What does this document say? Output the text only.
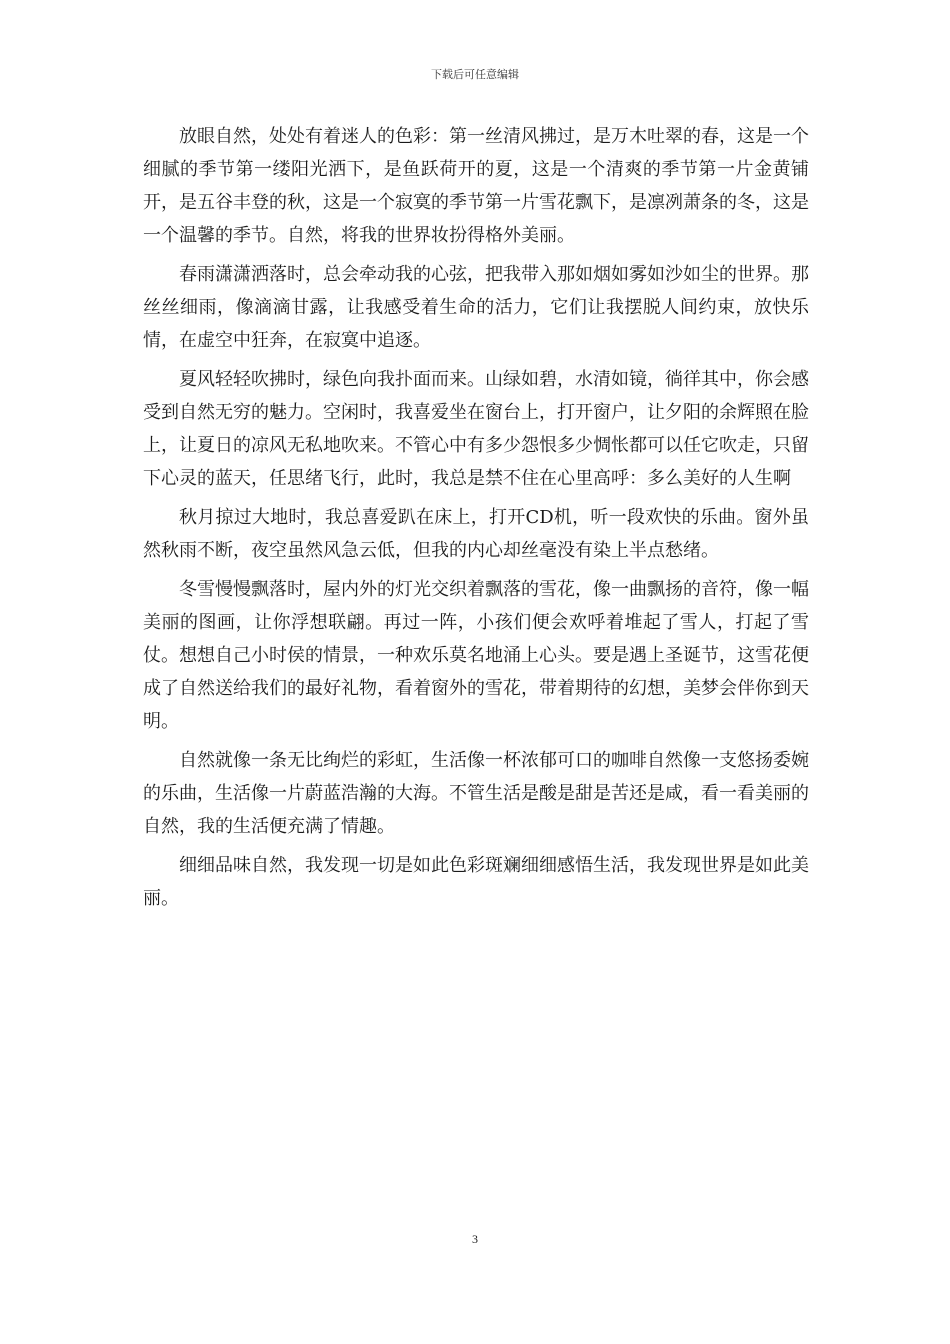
下载后可任意编辑

放眼自然，处处有着迷人的色彩：第一丝清风拂过，是万木吐翠的春，这是一个细腻的季节第一缕阳光洒下，是鱼跃荷开的夏，这是一个清爽的季节第一片金黄铺开，是五谷丰登的秋，这是一个寂寞的季节第一片雪花飘下，是凛冽萧条的冬，这是一个温馨的季节。自然，将我的世界妆扮得格外美丽。

春雨潇潇洒落时，总会牵动我的心弦，把我带入那如烟如雾如沙如尘的世界。那丝丝细雨，像滴滴甘露，让我感受着生命的活力，它们让我摆脱人间约束，放快乐情，在虚空中狂奔，在寂寞中追逐。

夏风轻轻吹拂时，绿色向我扑面而来。山绿如碧，水清如镜，徜徉其中，你会感受到自然无穷的魅力。空闲时，我喜爱坐在窗台上，打开窗户，让夕阳的余辉照在脸上，让夏日的凉风无私地吹来。不管心中有多少怨恨多少惆怅都可以任它吹走，只留下心灵的蓝天，任思绪飞行，此时，我总是禁不住在心里高呼：多么美好的人生啊

秋月掠过大地时，我总喜爱趴在床上，打开CD机，听一段欢快的乐曲。窗外虽然秋雨不断，夜空虽然风急云低，但我的内心却丝毫没有染上半点愁绪。

冬雪慢慢飘落时，屋内外的灯光交织着飘落的雪花，像一曲飘扬的音符，像一幅美丽的图画，让你浮想联翩。再过一阵，小孩们便会欢呼着堆起了雪人，打起了雪仗。想想自己小时侯的情景，一种欢乐莫名地涌上心头。要是遇上圣诞节，这雪花便成了自然送给我们的最好礼物，看着窗外的雪花，带着期待的幻想，美梦会伴你到天明。

自然就像一条无比绚烂的彩虹，生活像一杯浓郁可口的咖啡自然像一支悠扬委婉的乐曲，生活像一片蔚蓝浩瀚的大海。不管生活是酸是甜是苦还是咸，看一看美丽的自然，我的生活便充满了情趣。

细细品味自然，我发现一切是如此色彩斑斓细细感悟生活，我发现世界是如此美丽。

3
